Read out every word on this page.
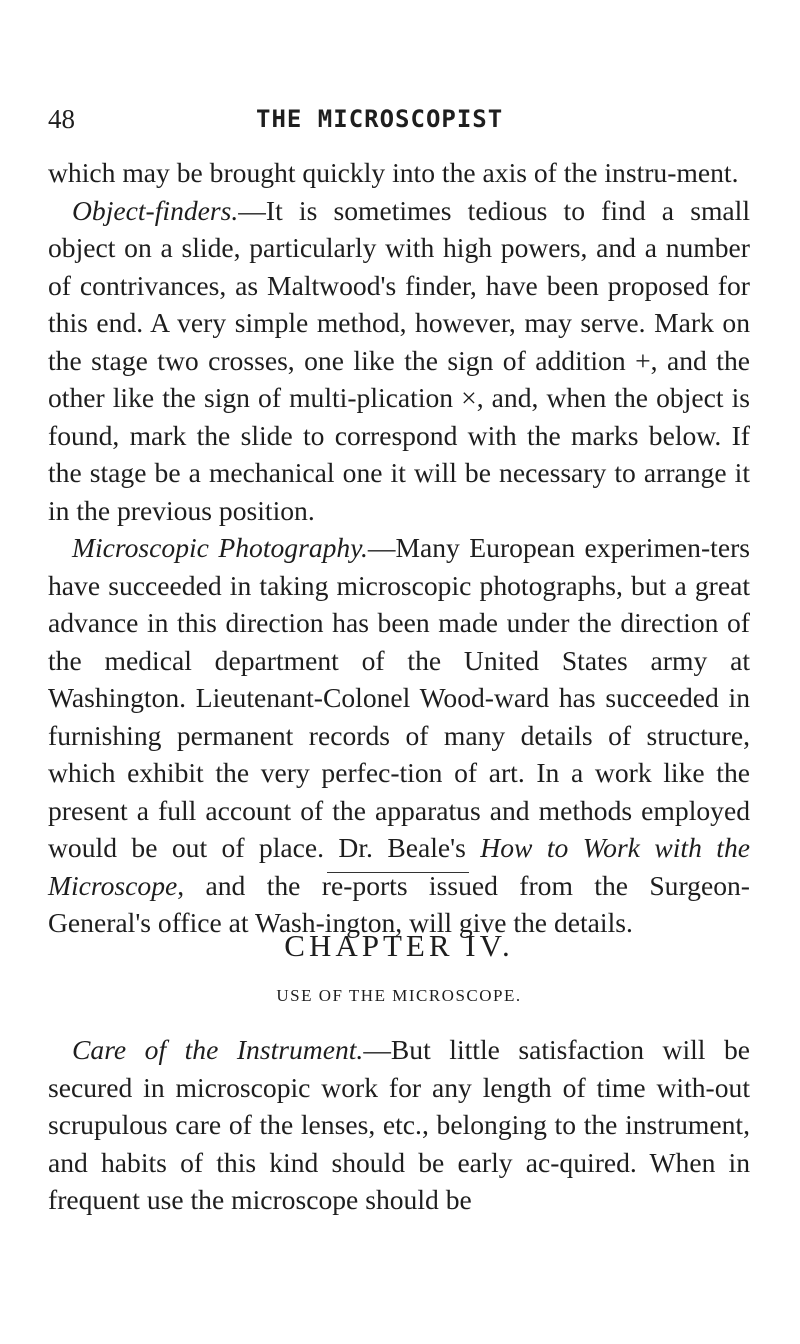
48	THE MICROSCOPIST

which may be brought quickly into the axis of the instru-ment.

Object-finders.—It is sometimes tedious to find a small object on a slide, particularly with high powers, and a number of contrivances, as Maltwood's finder, have been proposed for this end. A very simple method, however, may serve. Mark on the stage two crosses, one like the sign of addition +, and the other like the sign of multi-plication ×, and, when the object is found, mark the slide to correspond with the marks below. If the stage be a mechanical one it will be necessary to arrange it in the previous position.

Microscopic Photography.—Many European experimen-ters have succeeded in taking microscopic photographs, but a great advance in this direction has been made under the direction of the medical department of the United States army at Washington. Lieutenant-Colonel Wood-ward has succeeded in furnishing permanent records of many details of structure, which exhibit the very perfec-tion of art. In a work like the present a full account of the apparatus and methods employed would be out of place. Dr. Beale's How to Work with the Microscope, and the re-ports issued from the Surgeon-General's office at Wash-ington, will give the details.

CHAPTER IV.
USE OF THE MICROSCOPE.

Care of the Instrument.—But little satisfaction will be secured in microscopic work for any length of time with-out scrupulous care of the lenses, etc., belonging to the instrument, and habits of this kind should be early ac-quired. When in frequent use the microscope should be
